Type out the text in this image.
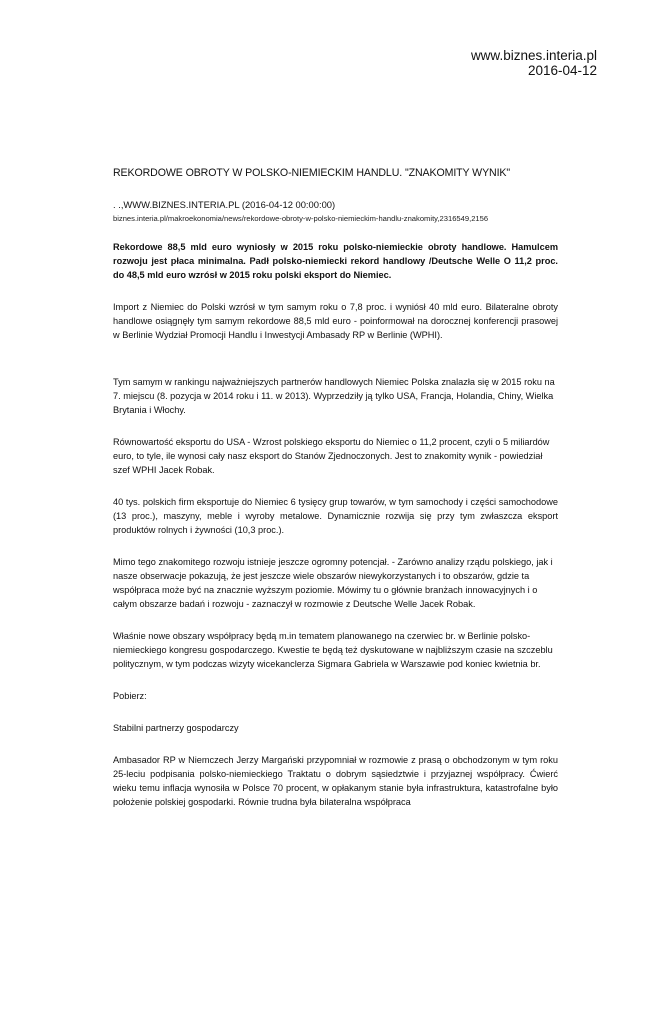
www.biznes.interia.pl
2016-04-12
REKORDOWE OBROTY W POLSKO-NIEMIECKIM HANDLU. "ZNAKOMITY WYNIK"
. .,WWW.BIZNES.INTERIA.PL (2016-04-12 00:00:00)
biznes.interia.pl/makroekonomia/news/rekordowe-obroty-w-polsko-niemieckim-handlu-znakomity,2316549,2156
Rekordowe 88,5 mld euro wyniosły w 2015 roku polsko-niemieckie obroty handlowe. Hamulcem rozwoju jest płaca minimalna. Padł polsko-niemiecki rekord handlowy /Deutsche Welle O 11,2 proc. do 48,5 mld euro wzrósł w 2015 roku polski eksport do Niemiec.
Import z Niemiec do Polski wzrósł w tym samym roku o 7,8 proc. i wyniósł 40 mld euro. Bilateralne obroty handlowe osiągnęły tym samym rekordowe 88,5 mld euro - poinformował na dorocznej konferencji prasowej w Berlinie Wydział Promocji Handlu i Inwestycji Ambasady RP w Berlinie (WPHI).
Tym samym w rankingu najważniejszych partnerów handlowych Niemiec Polska znalazła się w 2015 roku na 7. miejscu (8. pozycja w 2014 roku i 11. w 2013). Wyprzedziły ją tylko USA, Francja, Holandia, Chiny, Wielka Brytania i Włochy.
Równowartość eksportu do USA - Wzrost polskiego eksportu do Niemiec o 11,2 procent, czyli o 5 miliardów euro, to tyle, ile wynosi cały nasz eksport do Stanów Zjednoczonych. Jest to znakomity wynik - powiedział szef WPHI Jacek Robak.
40 tys. polskich firm eksportuje do Niemiec 6 tysięcy grup towarów, w tym samochody i części samochodowe (13 proc.), maszyny, meble i wyroby metalowe. Dynamicznie rozwija się przy tym zwłaszcza eksport produktów rolnych i żywności (10,3 proc.).
Mimo tego znakomitego rozwoju istnieje jeszcze ogromny potencjał. - Zarówno analizy rządu polskiego, jak i nasze obserwacje pokazują, że jest jeszcze wiele obszarów niewykorzystanych i to obszarów, gdzie ta współpraca może być na znacznie wyższym poziomie. Mówimy tu o głównie branżach innowacyjnych i o całym obszarze badań i rozwoju - zaznaczył w rozmowie z Deutsche Welle Jacek Robak.
Właśnie nowe obszary współpracy będą m.in tematem planowanego na czerwiec br. w Berlinie polsko-niemieckiego kongresu gospodarczego. Kwestie te będą też dyskutowane w najbliższym czasie na szczeblu politycznym, w tym podczas wizyty wicekanclerza Sigmara Gabriela w Warszawie pod koniec kwietnia br.
Pobierz:
Stabilni partnerzy gospodarczy
Ambasador RP w Niemczech Jerzy Margański przypomniał w rozmowie z prasą o obchodzonym w tym roku 25-leciu podpisania polsko-niemieckiego Traktatu o dobrym sąsiedztwie i przyjaznej współpracy. Ćwierć wieku temu inflacja wynosiła w Polsce 70 procent, w opłakanym stanie była infrastruktura, katastrofalne było położenie polskiej gospodarki. Równie trudna była bilateralna współpraca
